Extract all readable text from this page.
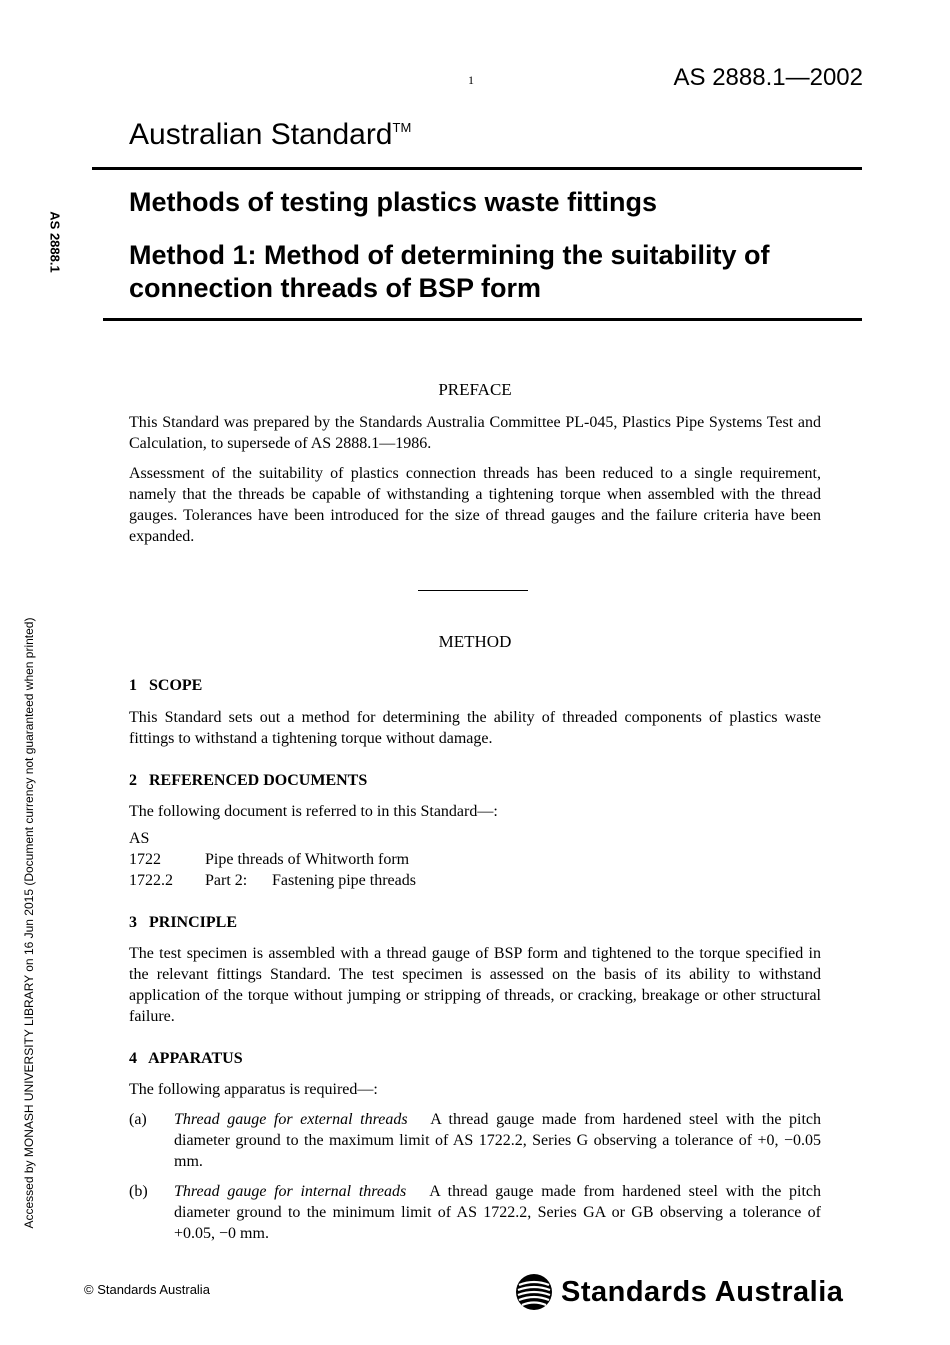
1	AS 2888.1—2002
Australian Standard™
Methods of testing plastics waste fittings
Method 1: Method of determining the suitability of connection threads of BSP form
AS 2888.1
Accessed by MONASH UNIVERSITY LIBRARY on 16 Jun 2015 (Document currency not guaranteed when printed)
PREFACE
This Standard was prepared by the Standards Australia Committee PL-045, Plastics Pipe Systems Test and Calculation, to supersede of AS 2888.1—1986.
Assessment of the suitability of plastics connection threads has been reduced to a single requirement, namely that the threads be capable of withstanding a tightening torque when assembled with the thread gauges. Tolerances have been introduced for the size of thread gauges and the failure criteria have been expanded.
METHOD
1   SCOPE
This Standard sets out a method for determining the ability of threaded components of plastics waste fittings to withstand a tightening torque without damage.
2   REFERENCED DOCUMENTS
The following document is referred to in this Standard—:
AS
1722	Pipe threads of Whitworth form
1722.2 Part 2: Fastening pipe threads
3   PRINCIPLE
The test specimen is assembled with a thread gauge of BSP form and tightened to the torque specified in the relevant fittings Standard. The test specimen is assessed on the basis of its ability to withstand application of the torque without jumping or stripping of threads, or cracking, breakage or other structural failure.
4   APPARATUS
The following apparatus is required—:
(a) Thread gauge for external threads A thread gauge made from hardened steel with the pitch diameter ground to the maximum limit of AS 1722.2, Series G observing a tolerance of +0, −0.05 mm.
(b) Thread gauge for internal threads A thread gauge made from hardened steel with the pitch diameter ground to the minimum limit of AS 1722.2, Series GA or GB observing a tolerance of +0.05, −0 mm.
© Standards Australia	Standards Australia
